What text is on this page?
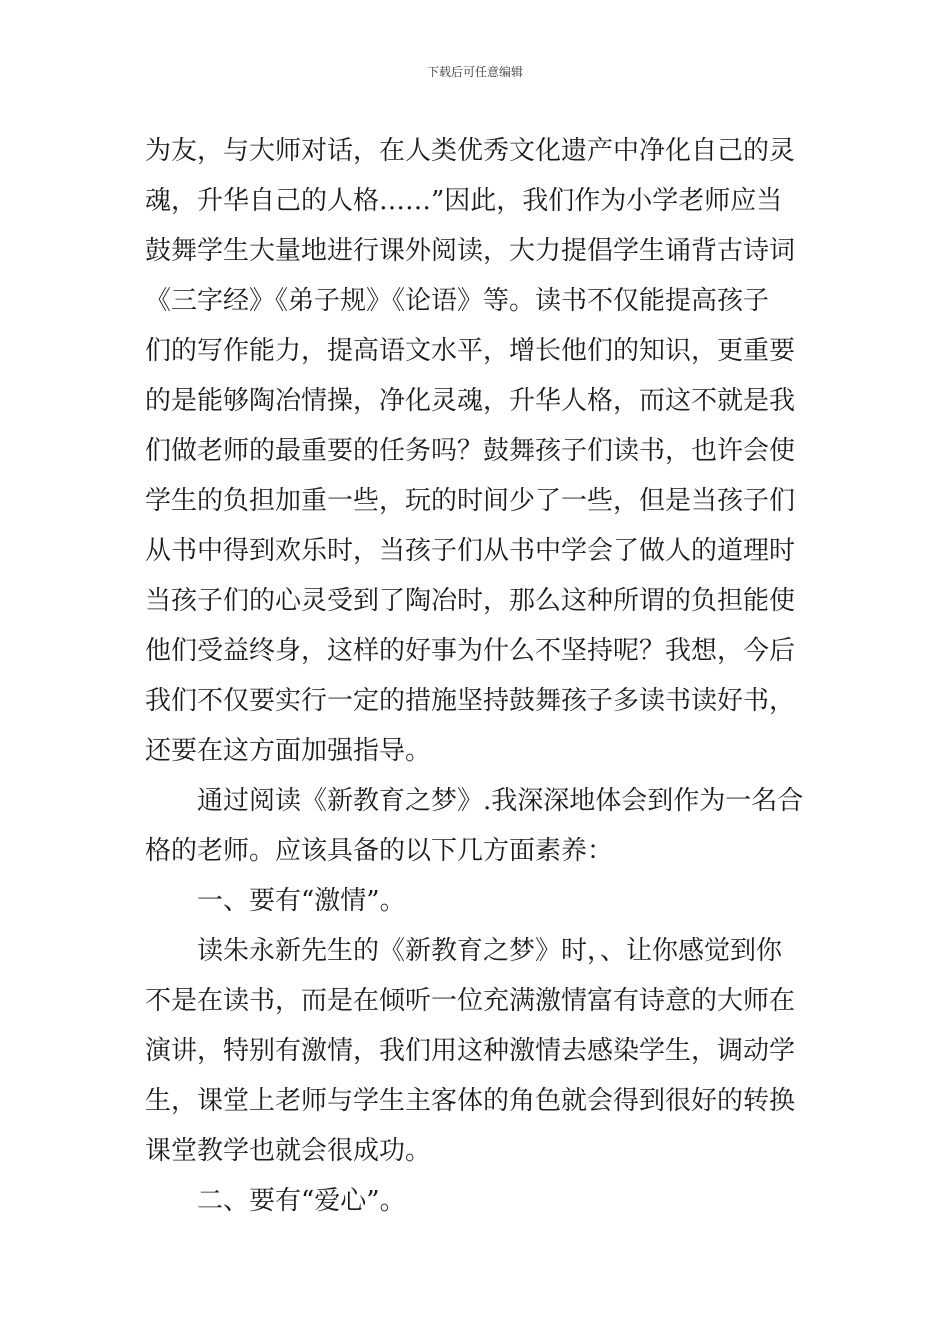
下载后可任意编辑
为友，与大师对话，在人类优秀文化遗产中净化自己的灵
魂，升华自己的人格……”因此，我们作为小学老师应当
鼓舞学生大量地进行课外阅读，大力提倡学生诵背古诗词
《三字经》《弟子规》《论语》等。读书不仅能提高孩子
们的写作能力，提高语文水平，增长他们的知识，更重要
的是能够陶冶情操，净化灵魂，升华人格，而这不就是我
们做老师的最重要的任务吗？鼓舞孩子们读书，也许会使
学生的负担加重一些，玩的时间少了一些，但是当孩子们
从书中得到欢乐时，当孩子们从书中学会了做人的道理时
当孩子们的心灵受到了陶冶时，那么这种所谓的负担能使
他们受益终身，这样的好事为什么不坚持呢？我想，今后
我们不仅要实行一定的措施坚持鼓舞孩子多读书读好书，
还要在这方面加强指导。
　　通过阅读《新教育之梦》.我深深地体会到作为一名合
格的老师。应该具备的以下几方面素养：
　　一、要有“激情”。
　　读朱永新先生的《新教育之梦》时，、让你感觉到你
不是在读书，而是在倾听一位充满激情富有诗意的大师在
演讲，特别有激情，我们用这种激情去感染学生，调动学
生，课堂上老师与学生主客体的角色就会得到很好的转换
课堂教学也就会很成功。
　　二、要有“爱心”。
